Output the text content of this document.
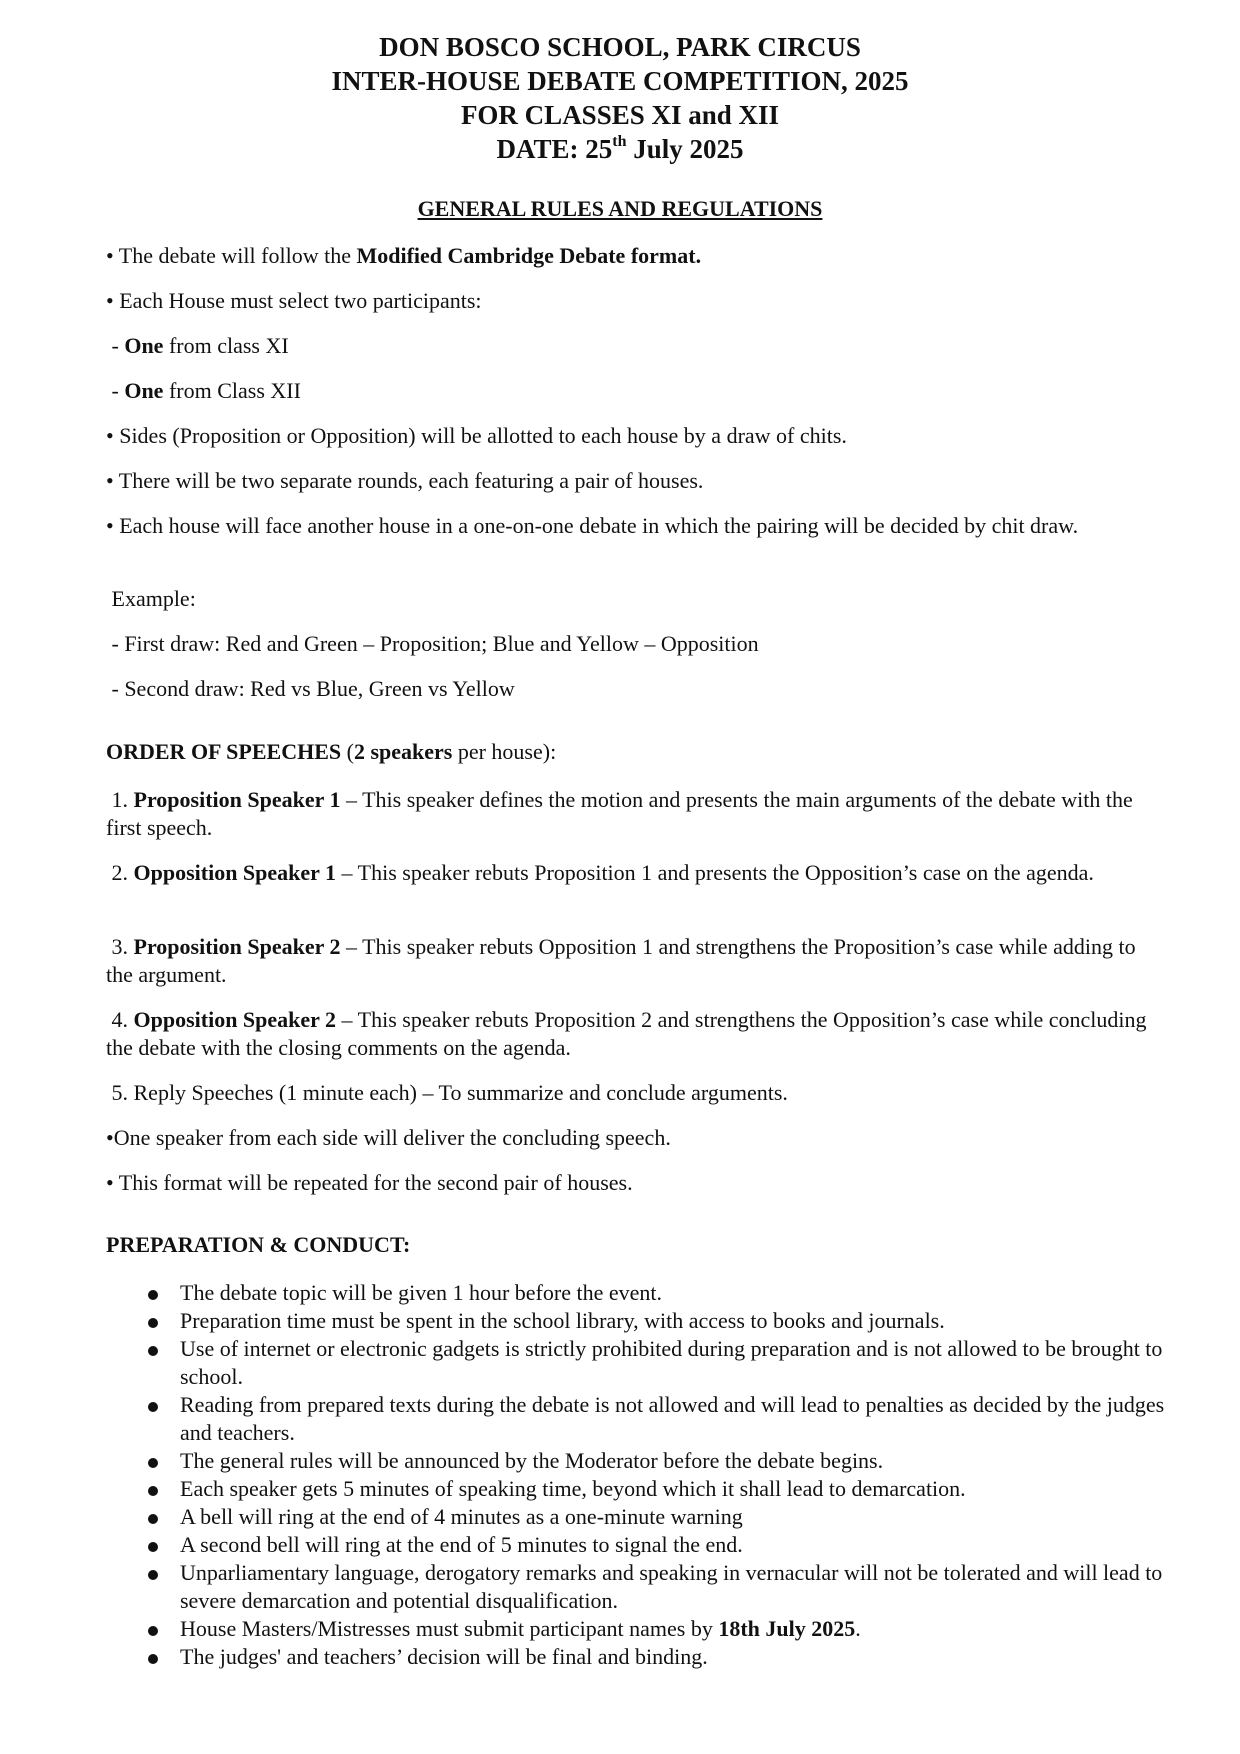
DON BOSCO SCHOOL, PARK CIRCUS
INTER-HOUSE DEBATE COMPETITION, 2025
FOR CLASSES XI and XII
DATE: 25th July 2025
GENERAL RULES AND REGULATIONS
• The debate will follow the Modified Cambridge Debate format.
• Each House must select two participants:
- One from class XI
- One from Class XII
• Sides (Proposition or Opposition) will be allotted to each house by a draw of chits.
• There will be two separate rounds, each featuring a pair of houses.
• Each house will face another house in a one-on-one debate in which the pairing will be decided by chit draw.
Example:
- First draw: Red and Green – Proposition; Blue and Yellow – Opposition
- Second draw: Red vs Blue, Green vs Yellow
ORDER OF SPEECHES (2 speakers per house):
1. Proposition Speaker 1 – This speaker defines the motion and presents the main arguments of the debate with the first speech.
2. Opposition Speaker 1 – This speaker rebuts Proposition 1 and presents the Opposition’s case on the agenda.
3. Proposition Speaker 2 – This speaker rebuts Opposition 1 and strengthens the Proposition’s case while adding to the argument.
4. Opposition Speaker 2 – This speaker rebuts Proposition 2 and strengthens the Opposition’s case while concluding the debate with the closing comments on the agenda.
5. Reply Speeches (1 minute each) – To summarize and conclude arguments.
•One speaker from each side will deliver the concluding speech.
• This format will be repeated for the second pair of houses.
PREPARATION & CONDUCT:
The debate topic will be given 1 hour before the event.
Preparation time must be spent in the school library, with access to books and journals.
Use of internet or electronic gadgets is strictly prohibited during preparation and is not allowed to be brought to school.
Reading from prepared texts during the debate is not allowed and will lead to penalties as decided by the judges and teachers.
The general rules will be announced by the Moderator before the debate begins.
Each speaker gets 5 minutes of speaking time, beyond which it shall lead to demarcation.
A bell will ring at the end of 4 minutes as a one-minute warning
A second bell will ring at the end of 5 minutes to signal the end.
Unparliamentary language, derogatory remarks and speaking in vernacular will not be tolerated and will lead to severe demarcation and potential disqualification.
House Masters/Mistresses must submit participant names by 18th July 2025.
The judges' and teachers’ decision will be final and binding.
